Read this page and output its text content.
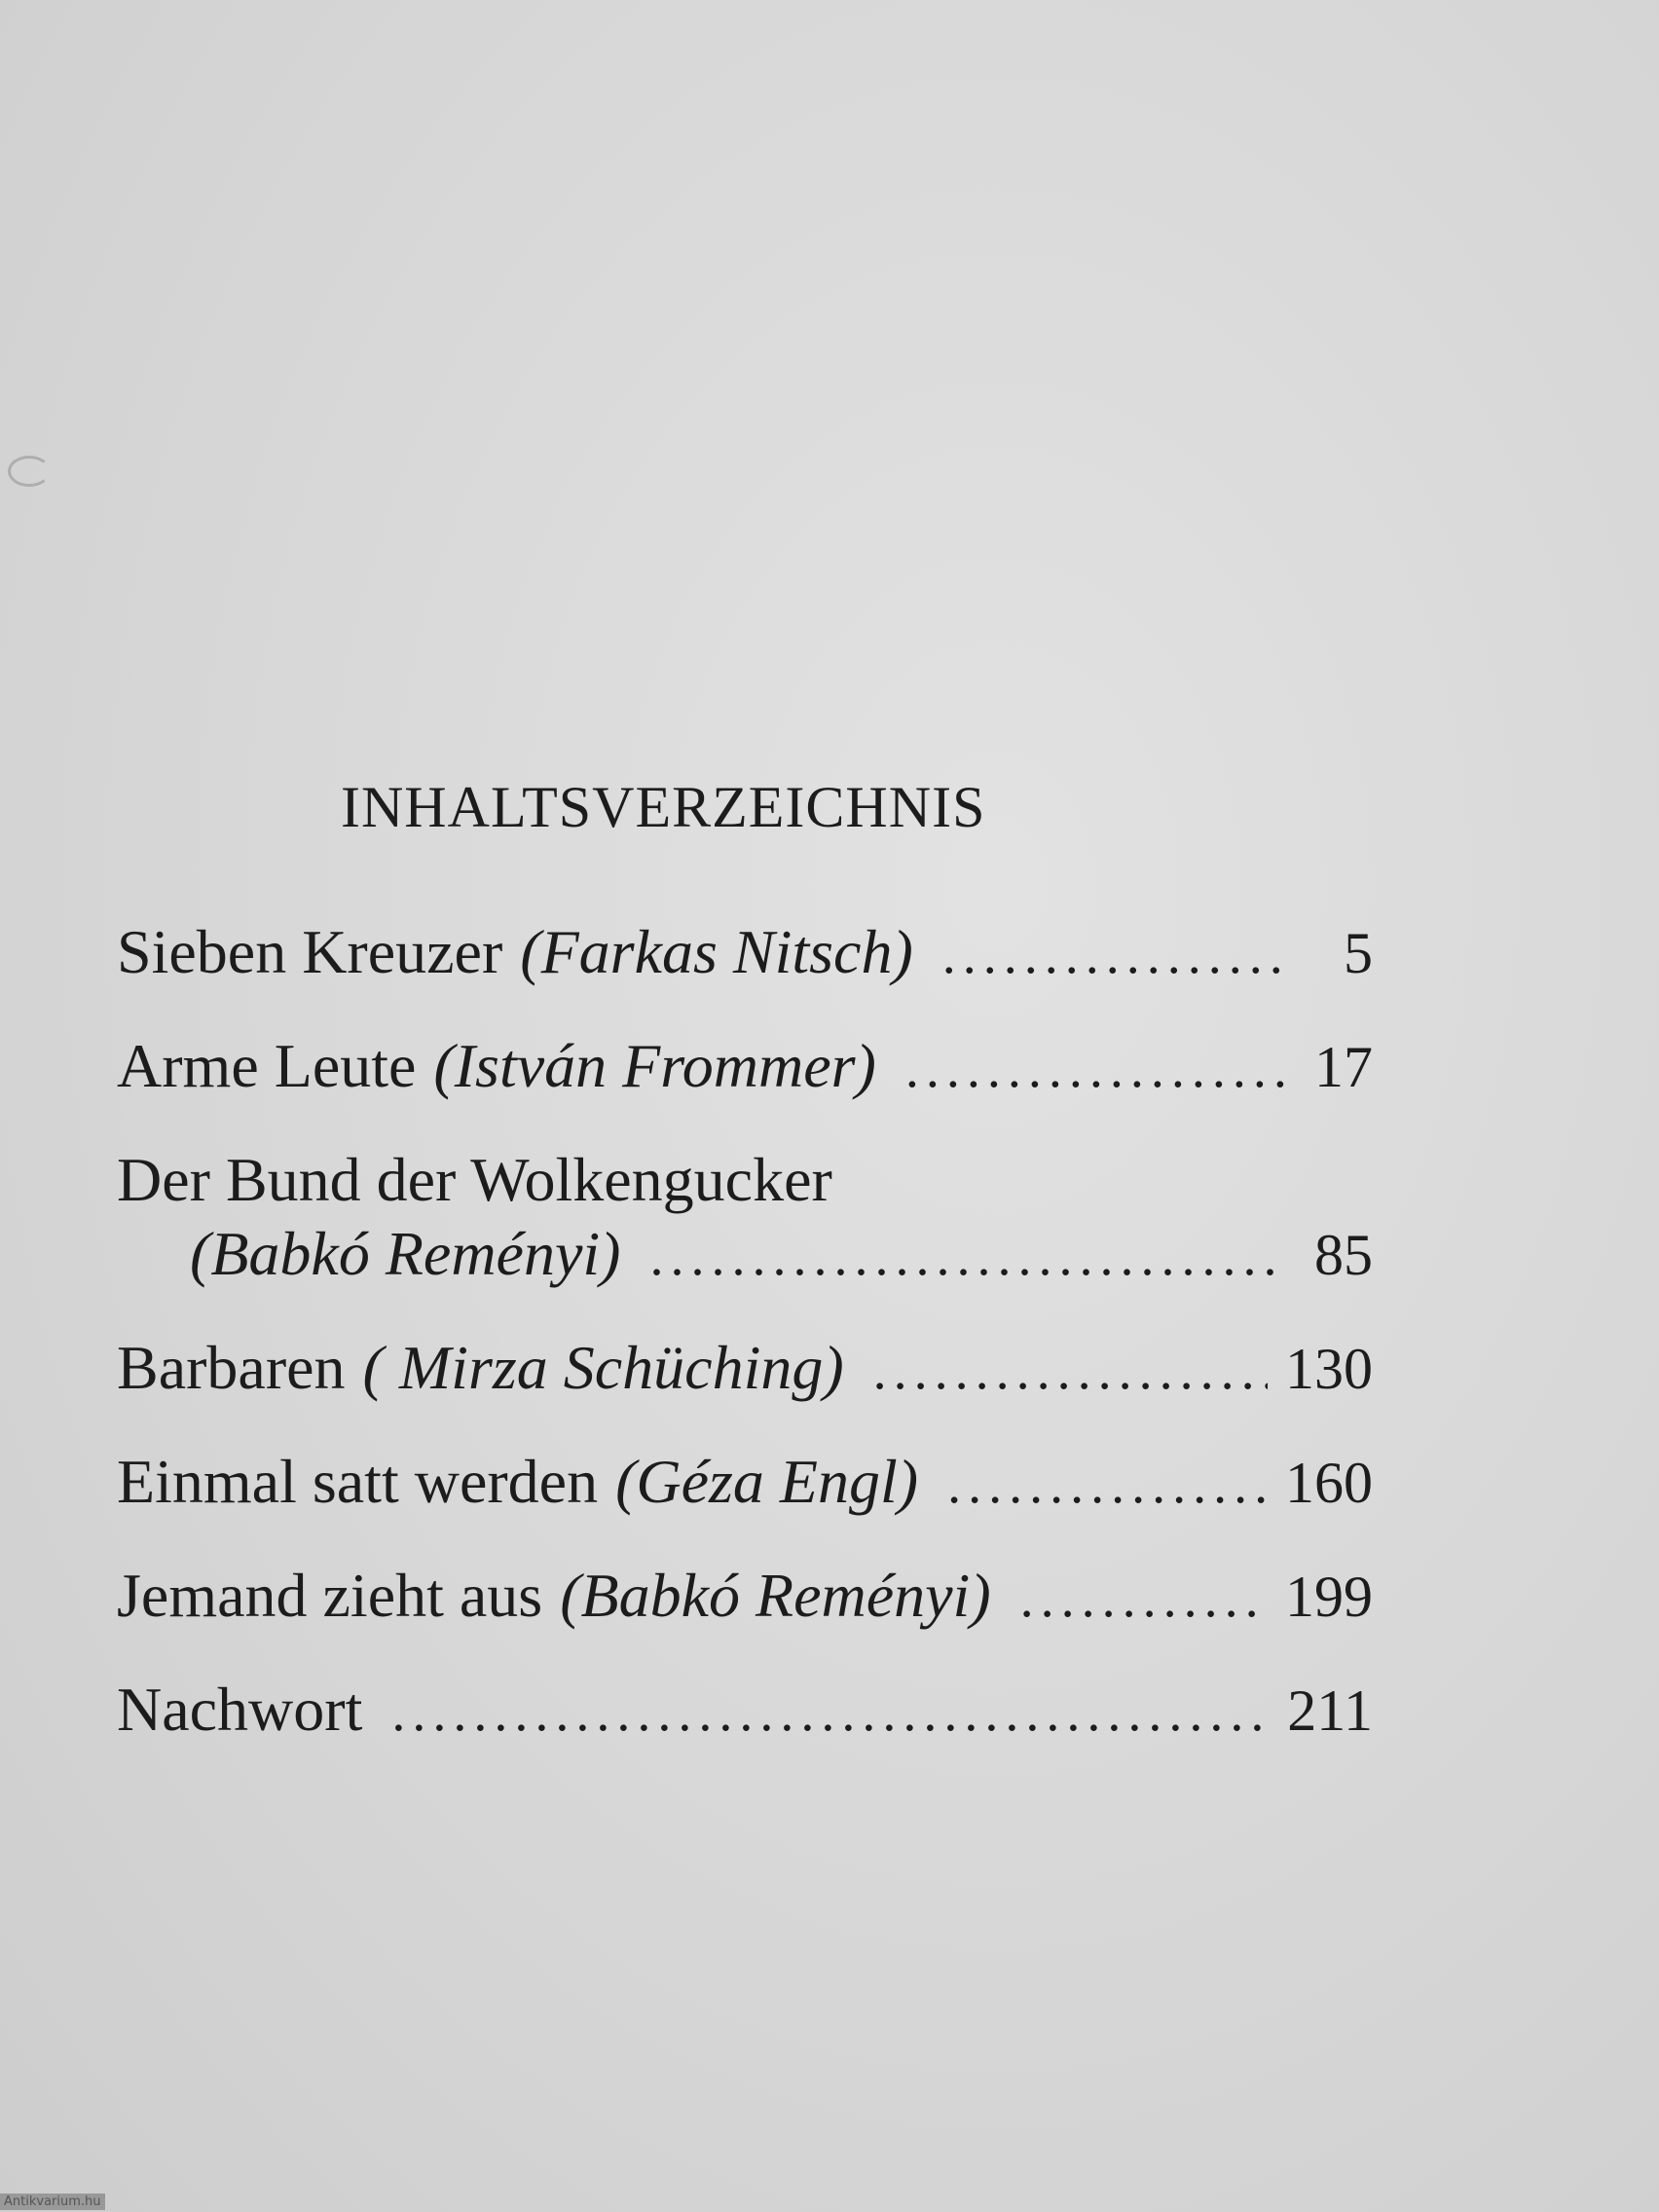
INHALTSVERZEICHNIS
Sieben Kreuzer (Farkas Nitsch) .....	5
Arme Leute (István Frommer) .....	17
Der Bund der Wolkengucker
(Babkó Reményi) .....	85
Barbaren ( Mirza Schüching) .....	130
Einmal satt werden (Géza Engl) .....	160
Jemand zieht aus (Babkó Reményi) .....	199
Nachwort .....	211
Antikvarium.hu
